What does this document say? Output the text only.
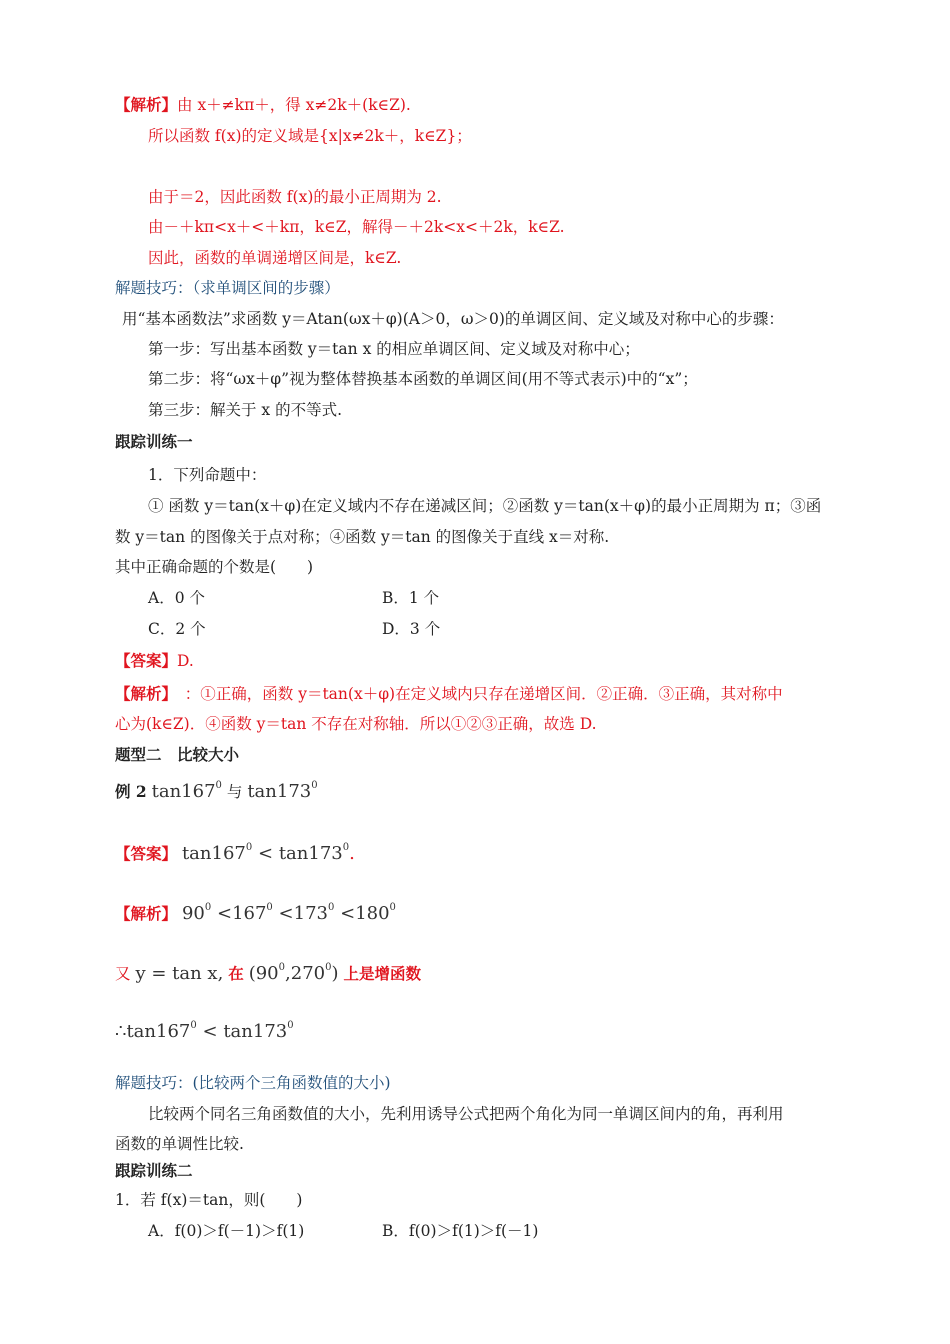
【解析】由 x＋≠kπ＋，得 x≠2k＋(k∈Z).
所以函数 f(x)的定义域是{x|x≠2k＋，k∈Z}；
由于＝2，因此函数 f(x)的最小正周期为 2.
由－＋kπ<x＋<＋kπ，k∈Z，解得－＋2k<x<＋2k，k∈Z.
因此，函数的单调递增区间是，k∈Z.
解题技巧：（求单调区间的步骤）
用“基本函数法”求函数 y＝Atan(ωx＋φ)(A＞0，ω＞0)的单调区间、定义域及对称中心的步骤：
第一步：写出基本函数 y＝tan x 的相应单调区间、定义域及对称中心；
第二步：将“ωx＋φ”视为整体替换基本函数的单调区间(用不等式表示)中的“x”；
第三步：解关于 x 的不等式.
跟踪训练一
1．下列命题中：
① 函数 y＝tan(x＋φ)在定义域内不存在递减区间；②函数 y＝tan(x＋φ)的最小正周期为 π；③函
数 y＝tan 的图像关于点对称；④函数 y＝tan 的图像关于直线 x＝对称.
其中正确命题的个数是(　　)
A．0 个	B．1 个
C．2 个	D．3 个
【答案】D.
【解析】　：①正确，函数 y＝tan(x＋φ)在定义域内只存在递增区间．②正确．③正确，其对称中
心为(k∈Z)．④函数 y＝tan 不存在对称轴．所以①②③正确，故选 D.
题型二　比较大小
例 2 $\tan 167^0$ 与 $\tan 173^0$
【答案】 $\tan 167^0 < \tan 173^0$.
【解析】 $90^0 <167^0 <173^0 <180^0$
又 y = tan x, 在 $(90^0,270^0)$ 上是增函数
$\therefore\tan 167^0 < \tan 173^0$
解题技巧：(比较两个三角函数值的大小)
比较两个同名三角函数值的大小，先利用诱导公式把两个角化为同一单调区间内的角，再利用
函数的单调性比较.
跟踪训练二
1．若 f(x)＝tan，则(　　)
A．f(0)＞f(－1)＞f(1)	B．f(0)＞f(1)＞f(－1)
